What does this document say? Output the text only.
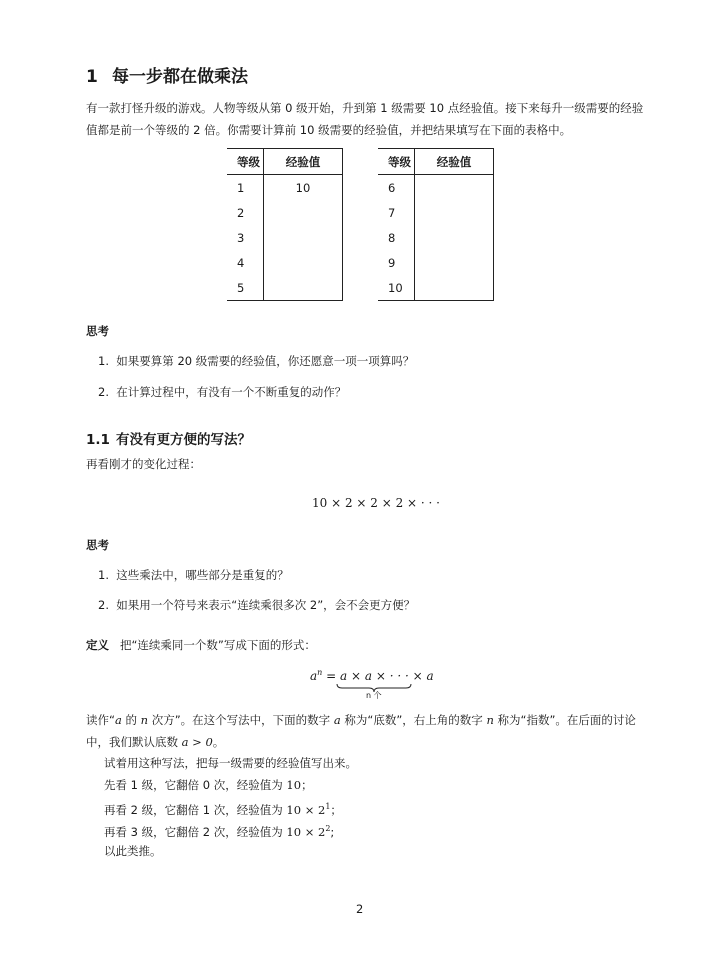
1 每一步都在做乘法
有一款打怪升级的游戏。人物等级从第 0 级开始，升到第 1 级需要 10 点经验值。接下来每升一级需要的经验
值都是前一个等级的 2 倍。你需要计算前 10 级需要的经验值，并把结果填写在下面的表格中。
等级	经验值	
1	10	
2		
3		
4		
5		
等级	经验值	
6		
7		
8		
9		
10		
思考
1.  如果要算第 20 级需要的经验值，你还愿意一项一项算吗？
2.  在计算过程中，有没有一个不断重复的动作？
1.1 有没有更方便的写法？
再看刚才的变化过程：
10 × 2 × 2 × 2 × · · ·
思考
1.  这些乘法中，哪些部分是重复的？
2.  如果用一个符号来表示“连续乘很多次 2”，会不会更方便？
定义 把“连续乘同一个数”写成下面的形式：
$a^n = a \times a$ × · · · × a
n 个
读作“a 的 n 次方”。在这个写法中，下面的数字 a 称为“底数”，右上角的数字 n 称为“指数”。在后面的讨论
中，我们默认底数 a > 0。
试着用这种写法，把每一级需要的经验值写出来。
先看 1 级，它翻倍 0 次，经验值为 10；
再看 2 级，它翻倍 1 次，经验值为 $10 \times 2^1$；
再看 3 级，它翻倍 2 次，经验值为 $10 \times 2^2$;
以此类推。
2
